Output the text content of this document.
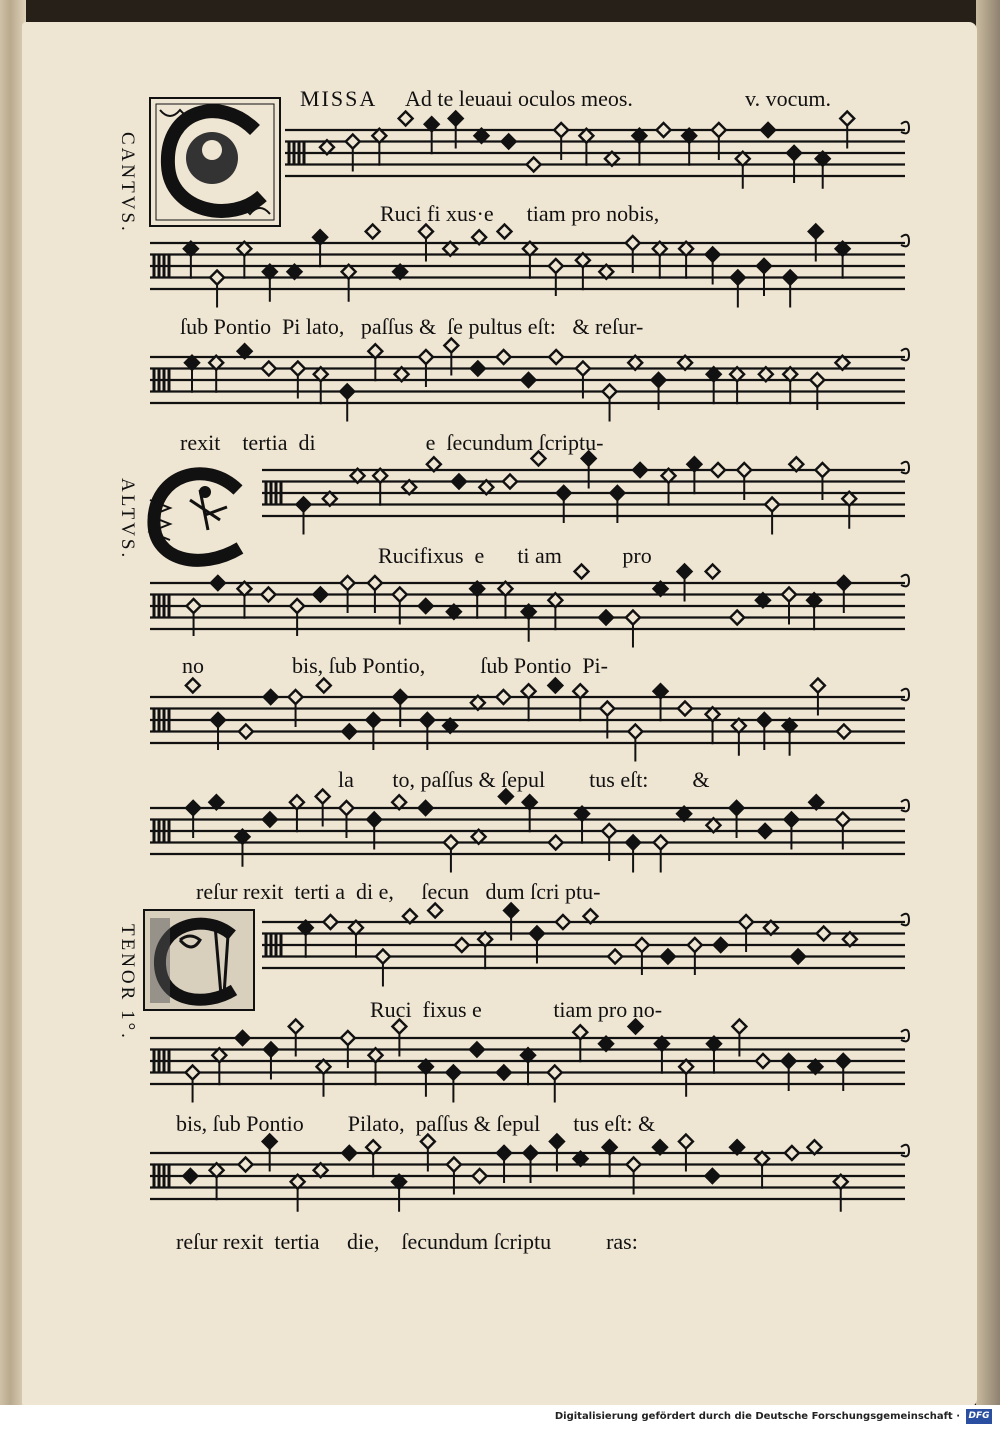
MISSA Ad te leuaui oculos meos.	v. vocum.
CANTVS.
ALTVS.
TENOR 1°.
Ruci fi xus·e      tiam pro nobis,
ſub Pontio  Pi lato,   paſſus &  ſe pultus eſt:   & reſur-
rexit    tertia  di                    e  ſecundum ſcriptu-
Rucifixus  e      ti am           pro
no                bis, ſub Pontio,          ſub Pontio  Pi-
la       to, paſſus & ſepul        tus eſt:        &
reſur rexit  terti a  di e,     ſecun   dum ſcri ptu-
Ruci  fixus e             tiam pro no-
bis, ſub Pontio        Pilato,  paſſus & ſepul      tus eſt: &
reſur rexit  tertia     die,    ſecundum ſcriptu          ras:
Digitalisierung gefördert durch die Deutsche Forschungsgemeinschaft · DFG
